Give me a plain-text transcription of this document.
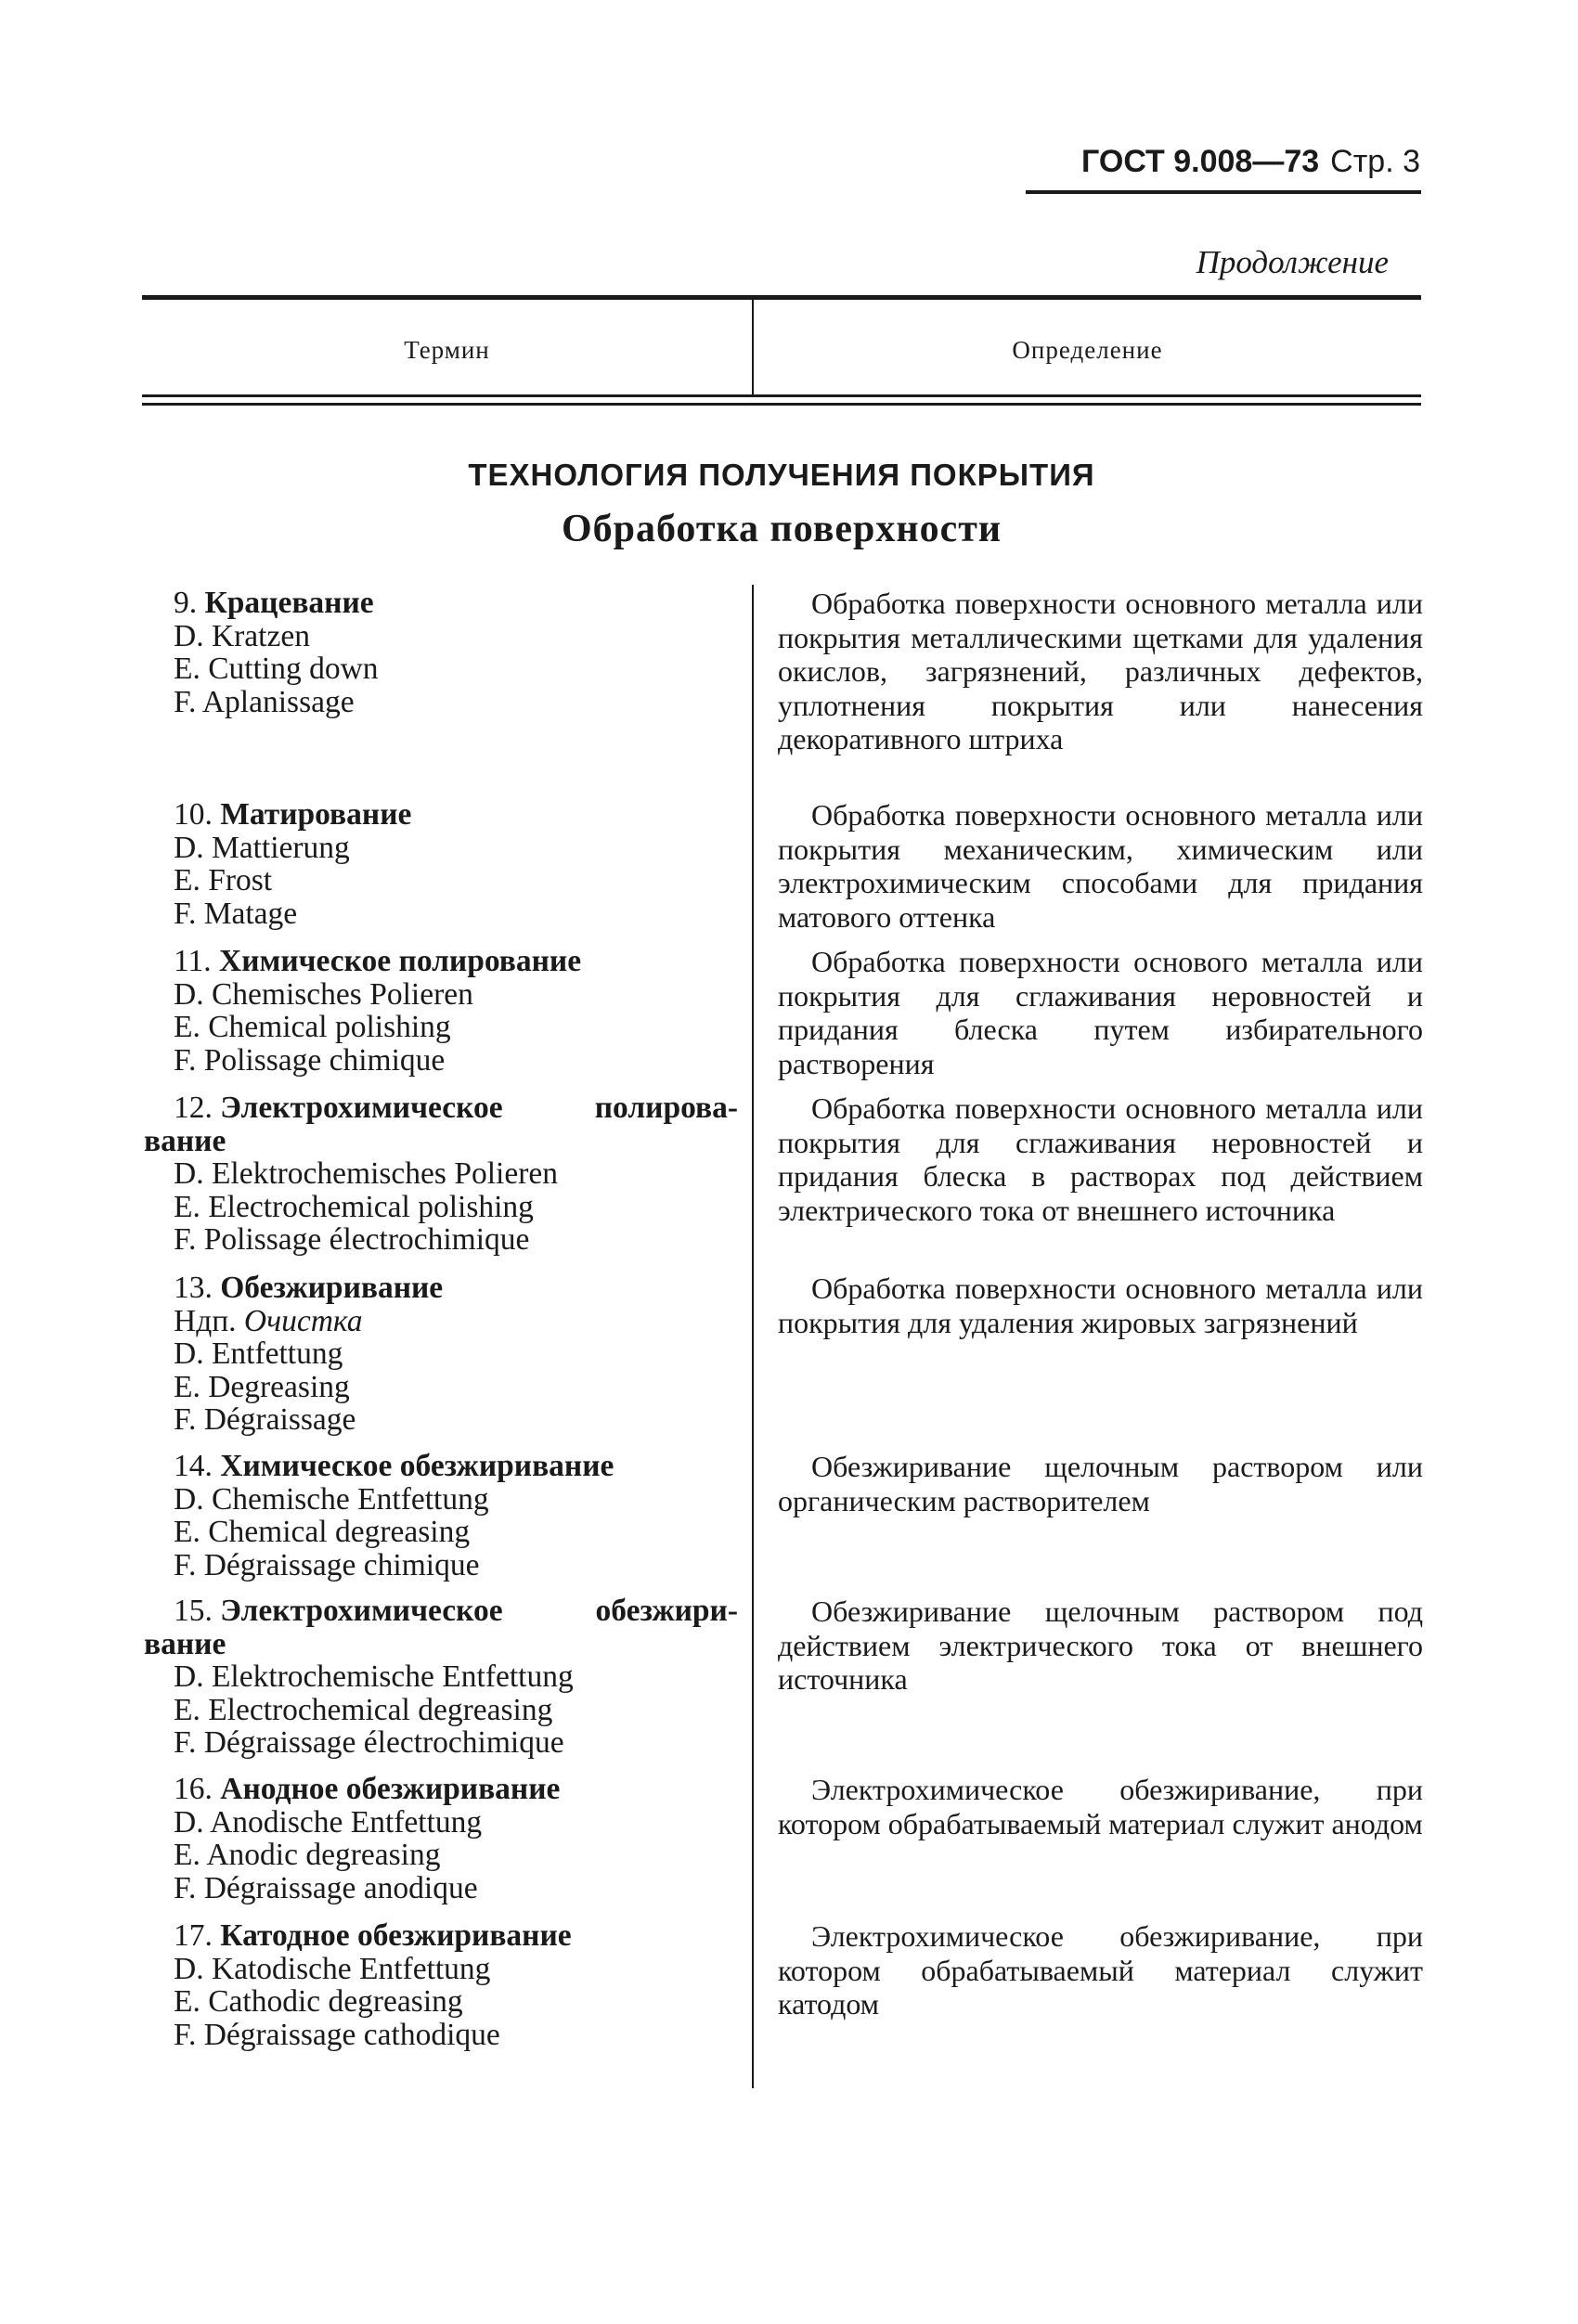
ГОСТ 9.008—73 Стр. 3
Продолжение
Термин	Определение
ТЕХНОЛОГИЯ ПОЛУЧЕНИЯ ПОКРЫТИЯ
Обработка поверхности
9. Крацевание
D. Kratzen
E. Cutting down
F. Aplanissage

Обработка поверхности основного металла или покрытия металлическими щетками для удаления окислов, загрязнений, различных дефектов, уплотнения покрытия или нанесения декоративного штриха

10. Матирование
D. Mattierung
E. Frost
F. Matage

Обработка поверхности основного металла или покрытия механическим, химическим или электрохимическим способами для придания матового оттенка

11. Химическое полирование
D. Chemisches Polieren
E. Chemical polishing
F. Polissage chimique

Обработка поверхности основого металла или покрытия для сглаживания неровностей и придания блеска путем избирательного растворения

12. Электрохимическое	полирова-
вание
D. Elektrochemisches Polieren
E. Electrochemical polishing
F. Polissage électrochimique

Обработка поверхности основного металла или покрытия для сглаживания неровностей и придания блеска в растворах под действием электрического тока от внешнего источника

13. Обезжиривание
Ндп. Очистка
D. Entfettung
E. Degreasing
F. Dégraissage

Обработка поверхности основного металла или покрытия для удаления жировых загрязнений

14. Химическое обезжиривание
D. Chemische Entfettung
E. Chemical degreasing
F. Dégraissage chimique

Обезжиривание щелочным раствором или органическим растворителем

15. Электрохимическое	обезжири-
вание
D. Elektrochemische Entfettung
E. Electrochemical degreasing
F. Dégraissage électrochimique

Обезжиривание щелочным раствором под действием электрического тока от внешнего источника

16. Анодное обезжиривание
D. Anodische Entfettung
E. Anodic degreasing
F. Dégraissage anodique

Электрохимическое обезжиривание, при котором обрабатываемый материал служит анодом

17. Катодное обезжиривание
D. Katodische Entfettung
E. Cathodic degreasing
F. Dégraissage cathodique

Электрохимическое обезжиривание, при котором обрабатываемый материал служит катодом
